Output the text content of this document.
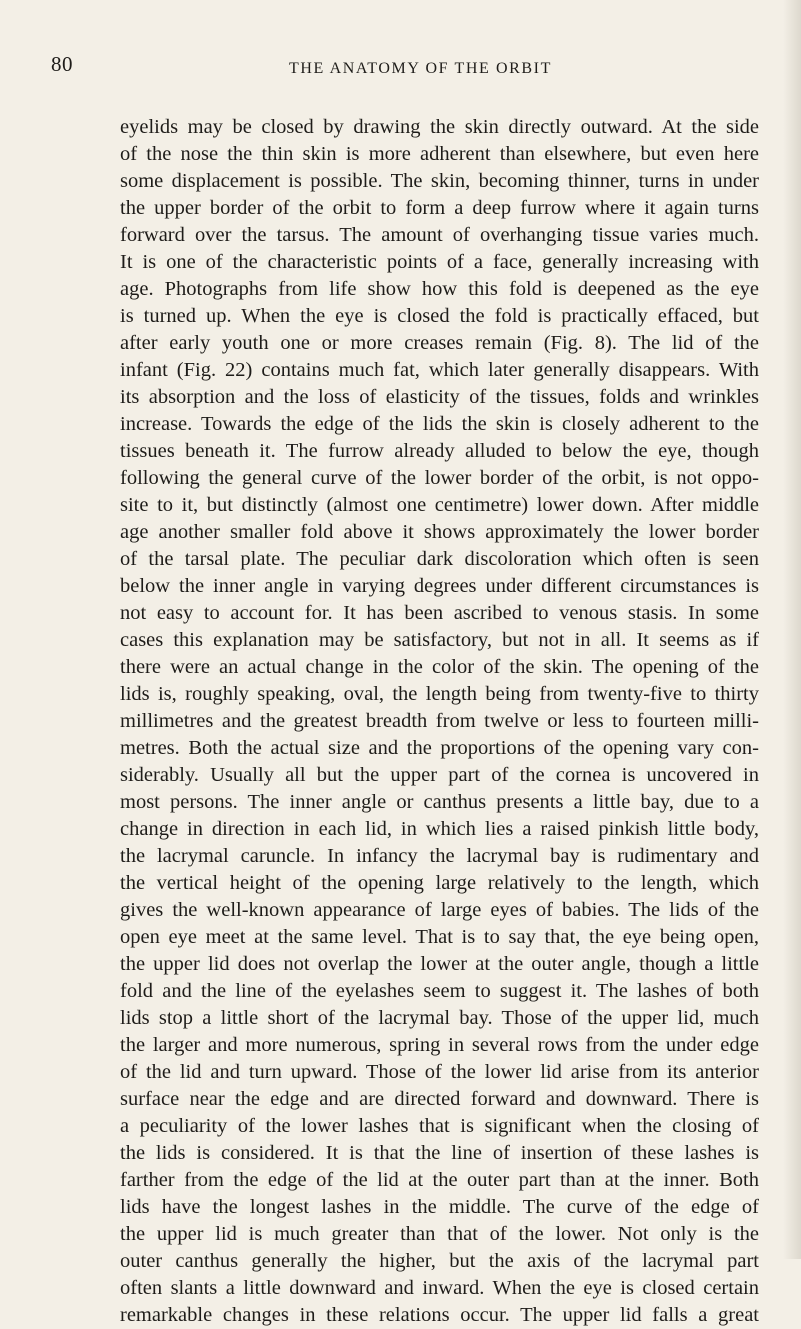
80	THE ANATOMY OF THE ORBIT
eyelids may be closed by drawing the skin directly outward. At the side
of the nose the thin skin is more adherent than elsewhere, but even here
some displacement is possible. The skin, becoming thinner, turns in under
the upper border of the orbit to form a deep furrow where it again turns
forward over the tarsus. The amount of overhanging tissue varies much.
It is one of the characteristic points of a face, generally increasing with
age. Photographs from life show how this fold is deepened as the eye
is turned up. When the eye is closed the fold is practically effaced, but
after early youth one or more creases remain (Fig. 8). The lid of the
infant (Fig. 22) contains much fat, which later generally disappears. With
its absorption and the loss of elasticity of the tissues, folds and wrinkles
increase. Towards the edge of the lids the skin is closely adherent to the
tissues beneath it. The furrow already alluded to below the eye, though
following the general curve of the lower border of the orbit, is not oppo-
site to it, but distinctly (almost one centimetre) lower down. After middle
age another smaller fold above it shows approximately the lower border
of the tarsal plate. The peculiar dark discoloration which often is seen
below the inner angle in varying degrees under different circumstances is
not easy to account for. It has been ascribed to venous stasis. In some
cases this explanation may be satisfactory, but not in all. It seems as if
there were an actual change in the color of the skin. The opening of the
lids is, roughly speaking, oval, the length being from twenty-five to thirty
millimetres and the greatest breadth from twelve or less to fourteen milli-
metres. Both the actual size and the proportions of the opening vary con-
siderably. Usually all but the upper part of the cornea is uncovered in
most persons. The inner angle or canthus presents a little bay, due to a
change in direction in each lid, in which lies a raised pinkish little body,
the lacrymal caruncle. In infancy the lacrymal bay is rudimentary and
the vertical height of the opening large relatively to the length, which
gives the well-known appearance of large eyes of babies. The lids of the
open eye meet at the same level. That is to say that, the eye being open,
the upper lid does not overlap the lower at the outer angle, though a little
fold and the line of the eyelashes seem to suggest it. The lashes of both
lids stop a little short of the lacrymal bay. Those of the upper lid, much
the larger and more numerous, spring in several rows from the under edge
of the lid and turn upward. Those of the lower lid arise from its anterior
surface near the edge and are directed forward and downward. There is
a peculiarity of the lower lashes that is significant when the closing of
the lids is considered. It is that the line of insertion of these lashes is
farther from the edge of the lid at the outer part than at the inner. Both
lids have the longest lashes in the middle. The curve of the edge of
the upper lid is much greater than that of the lower. Not only is the
outer canthus generally the higher, but the axis of the lacrymal part
often slants a little downward and inward. When the eye is closed certain
remarkable changes in these relations occur. The upper lid falls a great
